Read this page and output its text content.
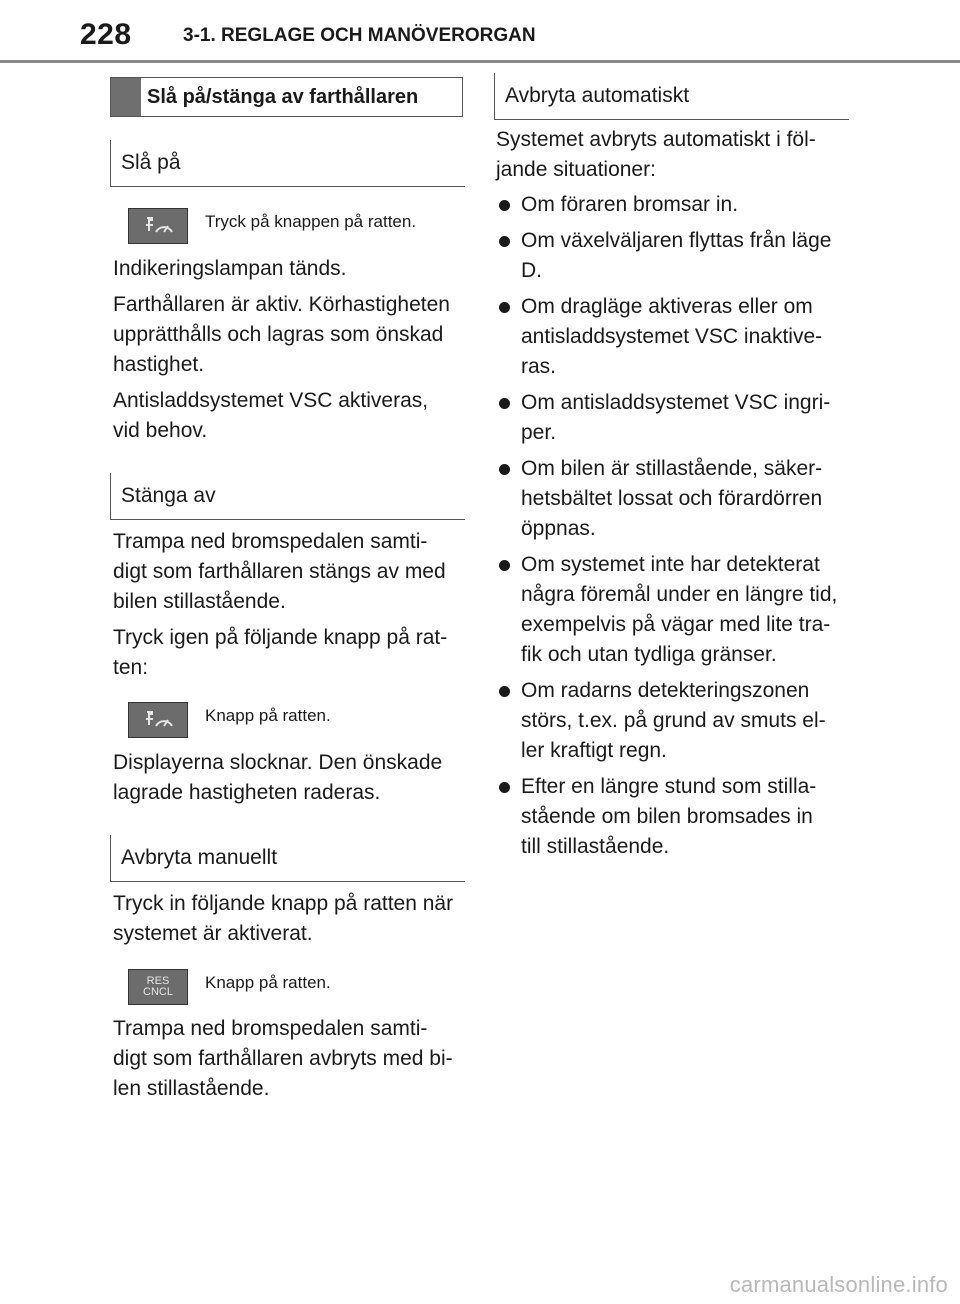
228	3-1. REGLAGE OCH MANÖVERORGAN
Slå på/stänga av farthållaren
Slå på
Tryck på knappen på ratten.

Indikeringslampan tänds.

Farthållaren är aktiv. Körhastigheten
upprätthålls och lagras som önskad
hastighet.

Antisladdsystemet VSC aktiveras,
vid behov.

Stänga av

Trampa ned bromspedalen samti-
digt som farthållaren stängs av med
bilen stillastående.

Tryck igen på följande knapp på rat-
ten:

Knapp på ratten.

Displayerna slocknar. Den önskade
lagrade hastigheten raderas.

Avbryta manuellt

Tryck in följande knapp på ratten när
systemet är aktiverat.

RES
CNCL Knapp på ratten.

Trampa ned bromspedalen samti-
digt som farthållaren avbryts med bi-
len stillastående.

Avbryta automatiskt

Systemet avbryts automatiskt i föl-
jande situationer:

Om föraren bromsar in.
Om växelväljaren flyttas från läge
D.
Om dragläge aktiveras eller om
antisladdsystemet VSC inaktive-
ras.
Om antisladdsystemet VSC ingri-
per.
Om bilen är stillastående, säker-
hetsbältet lossat och förardörren
öppnas.
Om systemet inte har detekterat
några föremål under en längre tid,
exempelvis på vägar med lite tra-
fik och utan tydliga gränser.
Om radarns detekteringszonen
störs, t.ex. på grund av smuts el-
ler kraftigt regn.
Efter en längre stund som stilla-
stående om bilen bromsades in
till stillastående.
carmanualsonline.info
